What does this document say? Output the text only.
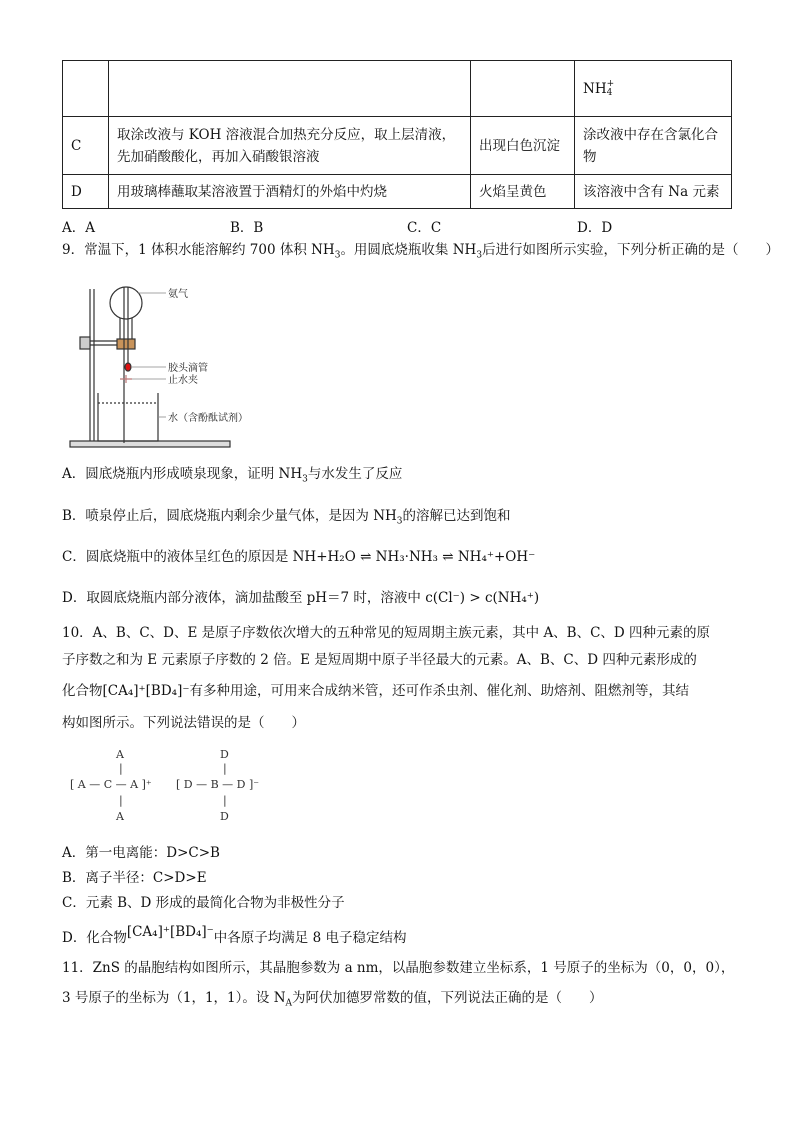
			NH +
4

C	取涂改液与 KOH 溶液混合加热充分反应，取上层清液，先加硝酸酸化，再加入硝酸银溶液	出现白色沉淀	涂改液中存在含氯化合物
D	用玻璃棒蘸取某溶液置于酒精灯的外焰中灼烧	火焰呈黄色	该溶液中含有 Na 元素
A．A	B．B	C．C	D．D
9．常温下，1 体积水能溶解约 700 体积 $NH_3$。用圆底烧瓶收集 $NH_3$后进行如图所示实验，下列分析正确的是（　　）
氨气
胶头滴管
止水夹
水（含酚酞试剂）
A．圆底烧瓶内形成喷泉现象，证明 $NH_3$与水发生了反应
B．喷泉停止后，圆底烧瓶内剩余少量气体，是因为 $NH_3$的溶解已达到饱和
C．圆底烧瓶中的液体呈红色的原因是 NH+H₂O ⇌ NH₃·NH₃ ⇌ NH₄⁺+OH⁻
D．取圆底烧瓶内部分液体，滴加盐酸至 pH＝7 时，溶液中 c(Cl⁻) > c(NH₄⁺)
10．A、B、C、D、E 是原子序数依次增大的五种常见的短周期主族元素，其中 A、B、C、D 四种元素的原
子序数之和为 E 元素原子序数的 2 倍。E 是短周期中原子半径最大的元素。A、B、C、D 四种元素形成的
化合物[CA₄]⁺[BD₄]⁻有多种用途，可用来合成纳米管，还可作杀虫剂、催化剂、助熔剂、阻燃剂等，其结
构如图所示。下列说法错误的是（　　）
A
|
[ A — C — A ]⁺
|
A
D
|
[ D — B — D ]⁻
|
D
A．第一电离能：D>C>B
B．离子半径：C>D>E
C．元素 B、D 形成的最简化合物为非极性分子
D．化合物[CA₄]⁺[BD₄]⁻中各原子均满足 8 电子稳定结构
11．ZnS 的晶胞结构如图所示，其晶胞参数为 a nm，以晶胞参数建立坐标系，1 号原子的坐标为（0，0，0），
3 号原子的坐标为（1，1，1）。设 $N_A$为阿伏加德罗常数的值，下列说法正确的是（　　）
